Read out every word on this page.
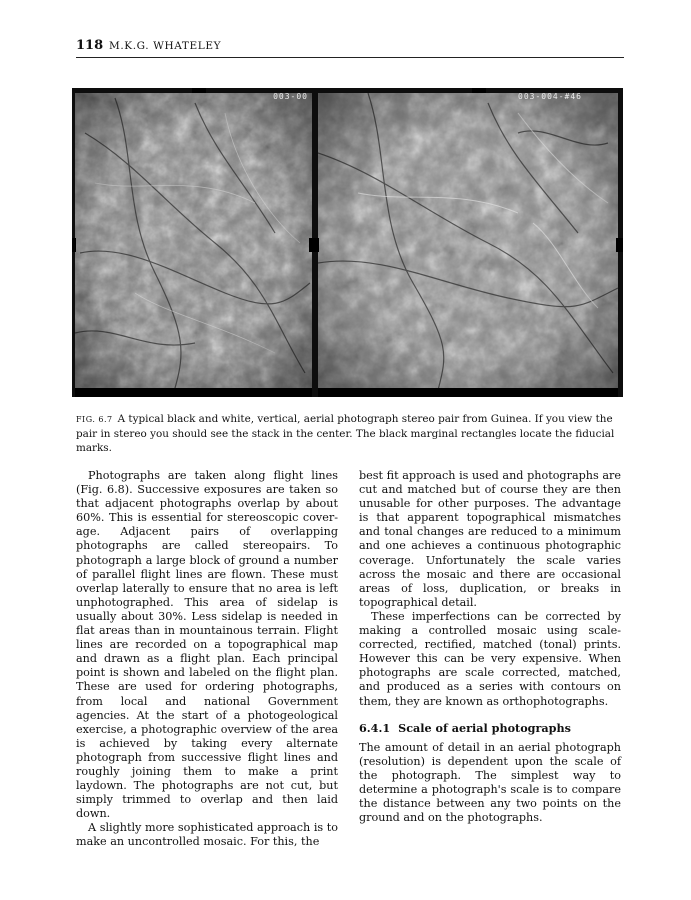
118 M.K.G. WHATELEY
003-00	003-004-#46
FIG. 6.7 A typical black and white, vertical, aerial photograph stereo pair from Guinea. If you view the pair in stereo you should see the stack in the center. The black marginal rectangles locate the fiducial marks.

Photographs are taken along flight lines (Fig. 6.8). Successive exposures are taken so that adjacent photographs overlap by about 60%. This is essential for stereoscopic coverage. Adjacent pairs of overlapping photographs are called stereopairs. To photograph a large block of ground a number of parallel flight lines are flown. These must overlap laterally to ensure that no area is left unphotographed. This area of sidelap is usually about 30%. Less sidelap is needed in flat areas than in mountainous terrain. Flight lines are recorded on a topographical map and drawn as a flight plan. Each principal point is shown and labeled on the flight plan. These are used for ordering photographs, from local and national Government agencies. At the start of a photogeological exercise, a photographic overview of the area is achieved by taking every alternate photograph from successive flight lines and roughly joining them to make a print laydown. The photographs are not cut, but simply trimmed to overlap and then laid down.

A slightly more sophisticated approach is to make an uncontrolled mosaic. For this, the

best fit approach is used and photographs are cut and matched but of course they are then unusable for other purposes. The advantage is that apparent topographical mismatches and tonal changes are reduced to a minimum and one achieves a continuous photographic coverage. Unfortunately the scale varies across the mosaic and there are occasional areas of loss, duplication, or breaks in topographical detail.

These imperfections can be corrected by making a controlled mosaic using scale-corrected, rectified, matched (tonal) prints. However this can be very expensive. When photographs are scale corrected, matched, and produced as a series with contours on them, they are known as orthophotographs.

6.4.1 Scale of aerial photographs

The amount of detail in an aerial photograph (resolution) is dependent upon the scale of the photograph. The simplest way to determine a photograph's scale is to compare the distance between any two points on the ground and on the photographs.
